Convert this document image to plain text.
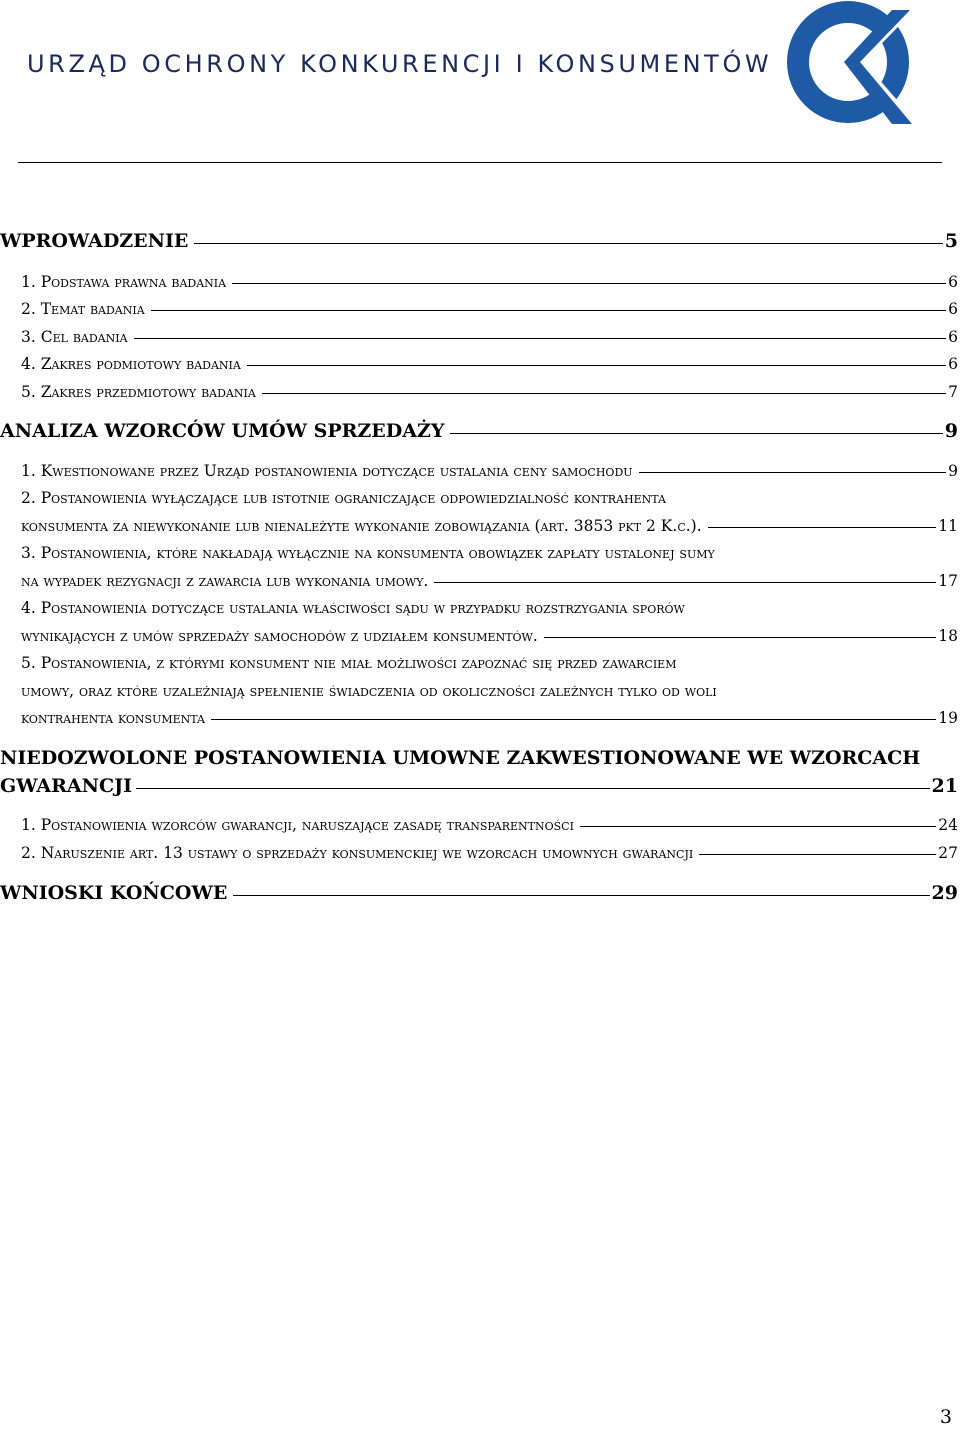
URZĄD OCHRONY KONKURENCJI I KONSUMENTÓW
WPROWADZENIE	5
1. Podstawa prawna badania	6
2. Temat badania	6
3. Cel badania	6
4. Zakres podmiotowy badania	6
5. Zakres przedmiotowy badania	7
ANALIZA WZORCÓW UMÓW SPRZEDAŻY	9
1. Kwestionowane przez Urząd postanowienia dotyczące ustalania ceny samochodu	9
2. Postanowienia wyłączające lub istotnie ograniczające odpowiedzialność kontrahenta
konsumenta za niewykonanie lub nienależyte wykonanie zobowiązania (art. 3853 pkt 2 K.c.).	11
3. Postanowienia, które nakładają wyłącznie na konsumenta obowiązek zapłaty ustalonej sumy
na wypadek rezygnacji z zawarcia lub wykonania umowy.	17
4. Postanowienia dotyczące ustalania właściwości sądu w przypadku rozstrzygania sporów
wynikających z umów sprzedaży samochodów z udziałem konsumentów.	18
5. Postanowienia, z którymi konsument nie miał możliwości zapoznać się przed zawarciem
umowy, oraz które uzależniają spełnienie świadczenia od okoliczności zależnych tylko od woli
kontrahenta konsumenta	19
NIEDOZWOLONE POSTANOWIENIA UMOWNE ZAKWESTIONOWANE WE WZORCACH
GWARANCJI	21
1. Postanowienia wzorców gwarancji, naruszające zasadę transparentności	24
2. Naruszenie art. 13 ustawy o sprzedaży konsumenckiej we wzorcach umownych gwarancji	27
WNIOSKI KOŃCOWE	29
3
